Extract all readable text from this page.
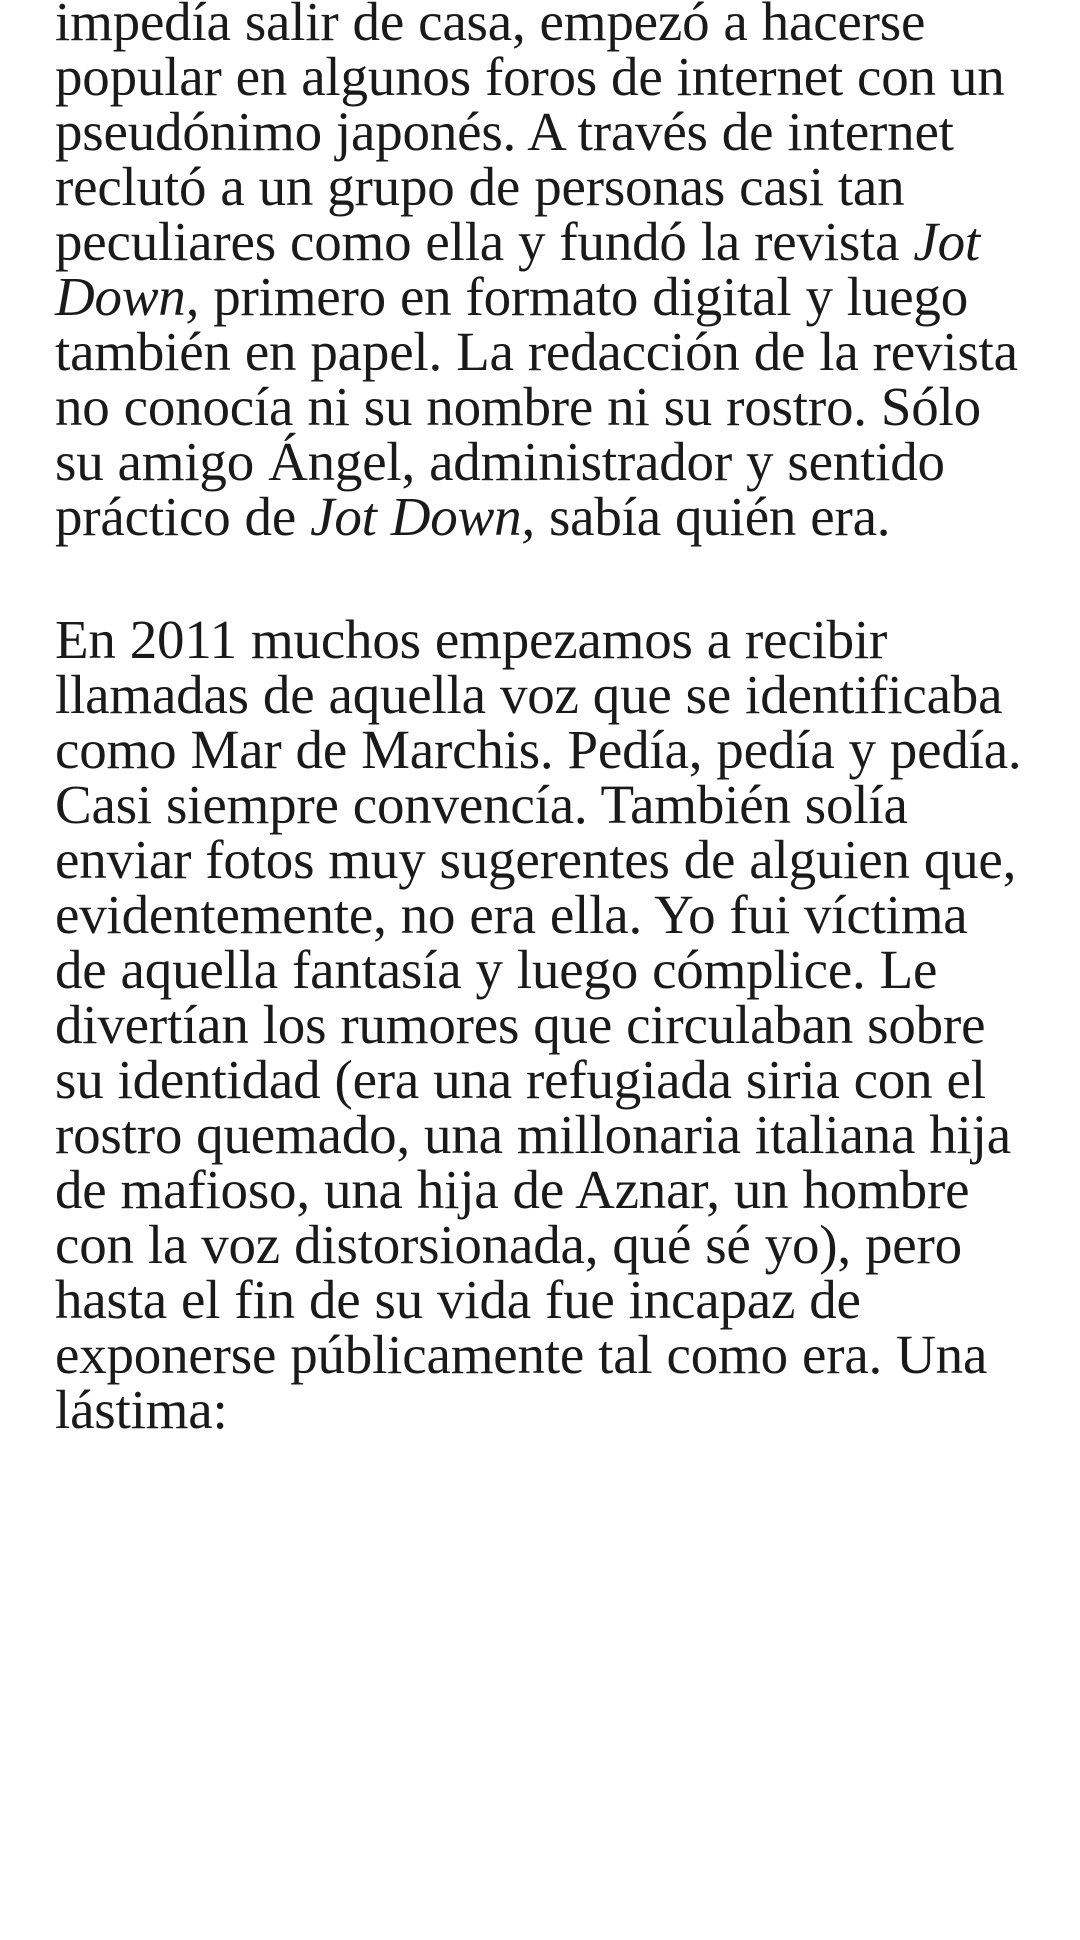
impedía salir de casa, empezó a hacerse popular en algunos foros de internet con un pseudónimo japonés. A través de internet reclutó a un grupo de personas casi tan peculiares como ella y fundó la revista Jot Down, primero en formato digital y luego también en papel. La redacción de la revista no conocía ni su nombre ni su rostro. Sólo su amigo Ángel, administrador y sentido práctico de Jot Down, sabía quién era.

En 2011 muchos empezamos a recibir llamadas de aquella voz que se identificaba como Mar de Marchis. Pedía, pedía y pedía. Casi siempre convencía. También solía enviar fotos muy sugerentes de alguien que, evidentemente, no era ella. Yo fui víctima de aquella fantasía y luego cómplice. Le divertían los rumores que circulaban sobre su identidad (era una refugiada siria con el rostro quemado, una millonaria italiana hija de mafioso, una hija de Aznar, un hombre con la voz distorsionada, qué sé yo), pero hasta el fin de su vida fue incapaz de exponerse públicamente tal como era. Una lástima:
